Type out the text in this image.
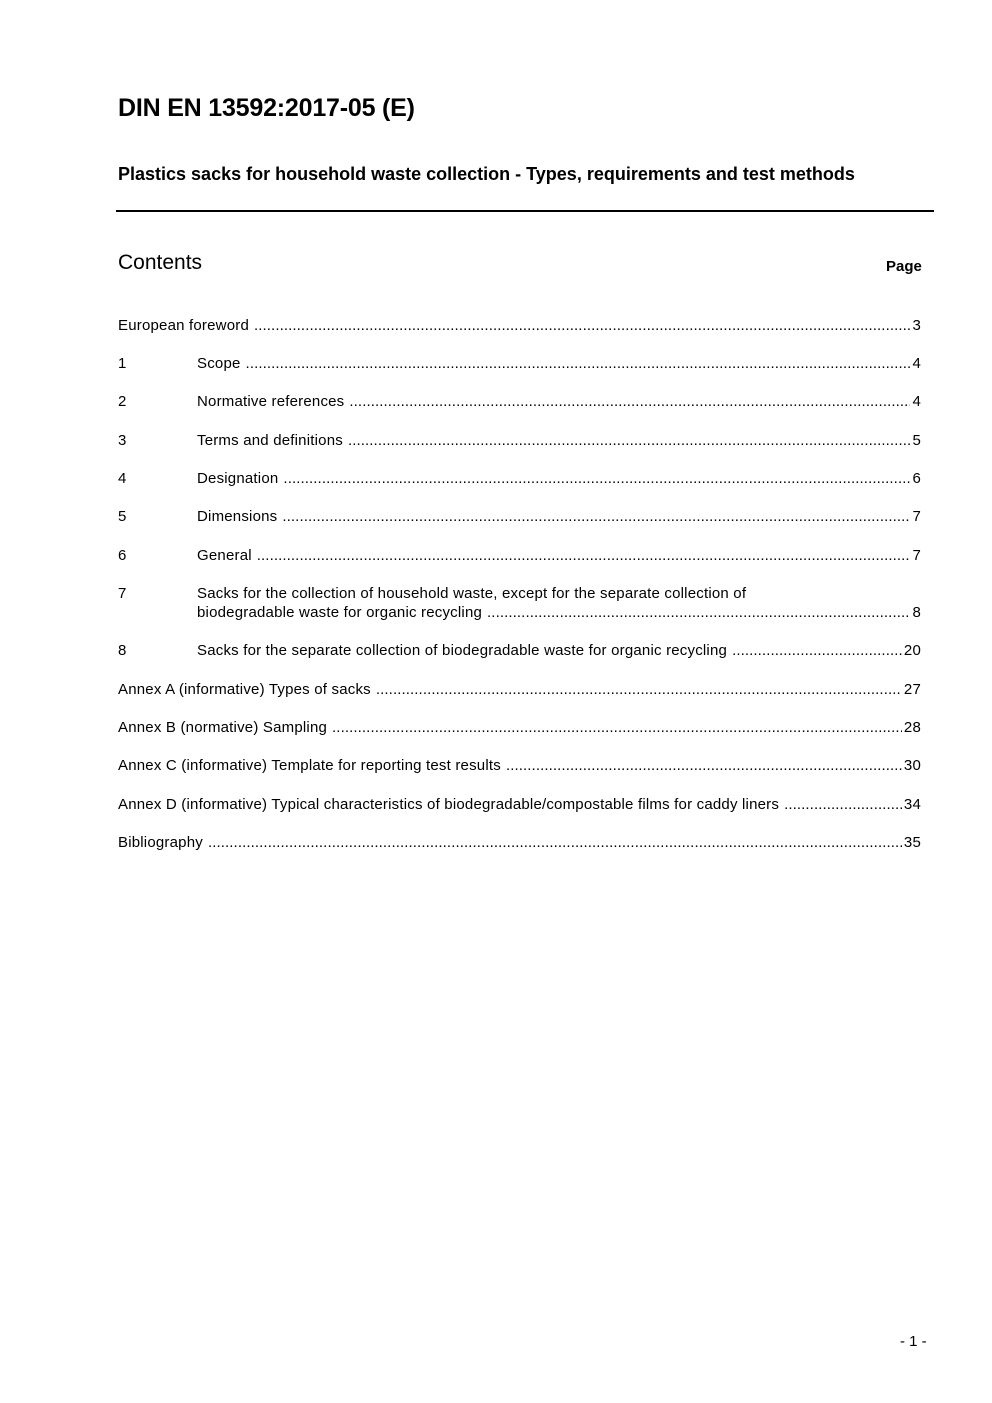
DIN EN 13592:2017-05 (E)
Plastics sacks for household waste collection - Types, requirements and test methods
Contents	Page
European foreword .....	3
1	Scope .....	4
2	Normative references .....	4
3	Terms and definitions .....	5
4	Designation .....	6
5	Dimensions .....	7
6	General .....	7
7	Sacks for the collection of household waste, except for the separate collection of
biodegradable waste for organic recycling .....	8
8	Sacks for the separate collection of biodegradable waste for organic recycling .....	20
Annex A (informative) Types of sacks .....	27
Annex B (normative) Sampling .....	28
Annex C (informative) Template for reporting test results .....	30
Annex D (informative) Typical characteristics of biodegradable/compostable films for caddy liners .....	34
Bibliography .....	35
- 1 -
